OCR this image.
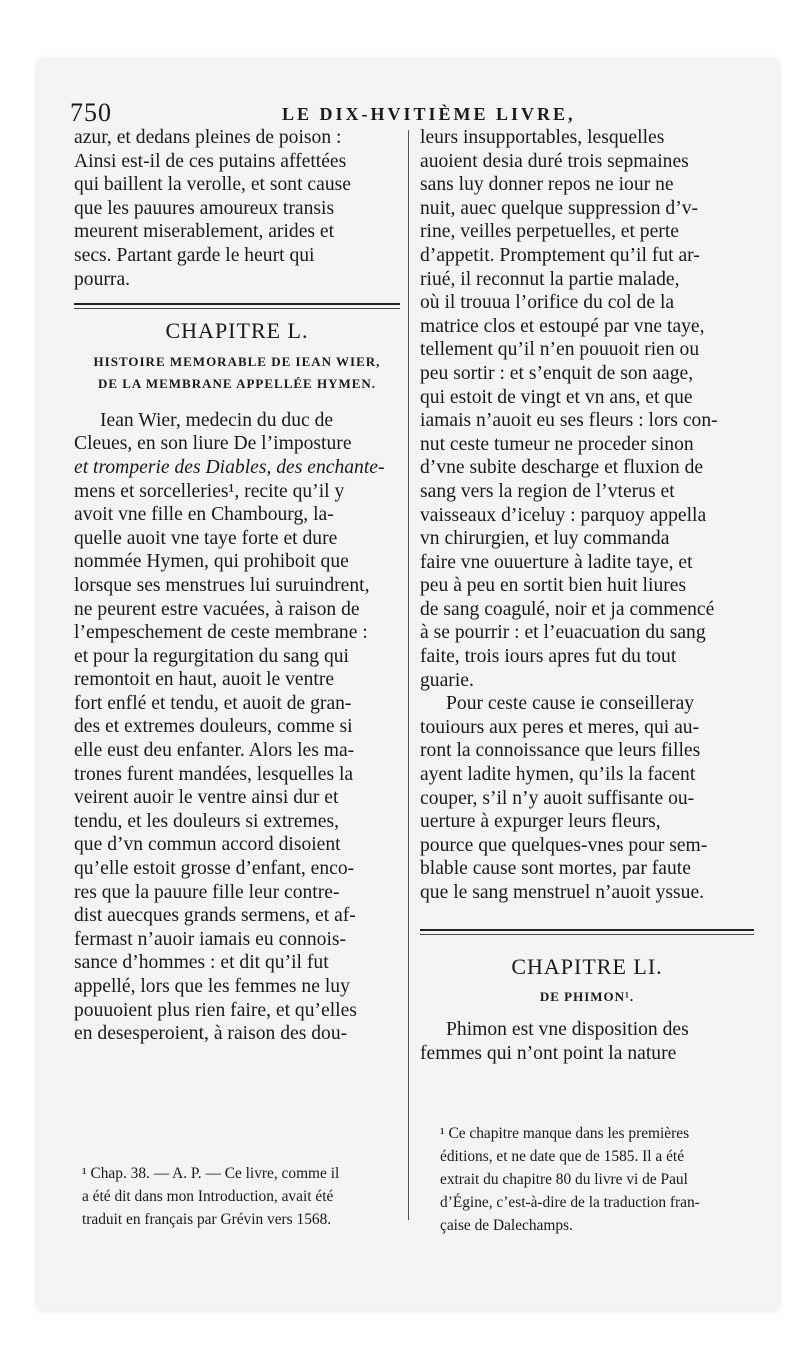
750	LE DIX-HVITIÈME LIVRE,
azur, et dedans pleines de poison :
Ainsi est-il de ces putains affettées
qui baillent la verolle, et sont cause
que les pauures amoureux transis
meurent miserablement, arides et
secs. Partant garde le heurt qui
pourra.
CHAPITRE L.
HISTOIRE MEMORABLE DE IEAN WIER,
DE LA MEMBRANE APPELLÉE HYMEN.
Iean Wier, medecin du duc de
Cleues, en son liure De l’imposture
et tromperie des Diables, des enchante-
mens et sorcelleries¹, recite qu’il y
avoit vne fille en Chambourg, la-
quelle auoit vne taye forte et dure
nommée Hymen, qui prohiboit que
lorsque ses menstrues lui suruindrent,
ne peurent estre vacuées, à raison de
l’empeschement de ceste membrane :
et pour la regurgitation du sang qui
remontoit en haut, auoit le ventre
fort enflé et tendu, et auoit de gran-
des et extremes douleurs, comme si
elle eust deu enfanter. Alors les ma-
trones furent mandées, lesquelles la
veirent auoir le ventre ainsi dur et
tendu, et les douleurs si extremes,
que d’vn commun accord disoient
qu’elle estoit grosse d’enfant, enco-
res que la pauure fille leur contre-
dist auecques grands sermens, et af-
fermast n’auoir iamais eu connois-
sance d’hommes : et dit qu’il fut
appellé, lors que les femmes ne luy
pouuoient plus rien faire, et qu’elles
en desesperoient, à raison des dou-
¹ Chap. 38. — A. P. — Ce livre, comme il
a été dit dans mon Introduction, avait été
traduit en français par Grévin vers 1568.
leurs insupportables, lesquelles
auoient desia duré trois sepmaines
sans luy donner repos ne iour ne
nuit, auec quelque suppression d’v-
rine, veilles perpetuelles, et perte
d’appetit. Promptement qu’il fut ar-
riué, il reconnut la partie malade,
où il trouua l’orifice du col de la
matrice clos et estoupé par vne taye,
tellement qu’il n’en pouuoit rien ou
peu sortir : et s’enquit de son aage,
qui estoit de vingt et vn ans, et que
iamais n’auoit eu ses fleurs : lors con-
nut ceste tumeur ne proceder sinon
d’vne subite descharge et fluxion de
sang vers la region de l’vterus et
vaisseaux d’iceluy : parquoy appella
vn chirurgien, et luy commanda
faire vne ouuerture à ladite taye, et
peu à peu en sortit bien huit liures
de sang coagulé, noir et ja commencé
à se pourrir : et l’euacuation du sang
faite, trois iours apres fut du tout
guarie.
Pour ceste cause ie conseilleray
touiours aux peres et meres, qui au-
ront la connoissance que leurs filles
ayent ladite hymen, qu’ils la facent
couper, s’il n’y auoit suffisante ou-
uerture à expurger leurs fleurs,
pource que quelques-vnes pour sem-
blable cause sont mortes, par faute
que le sang menstruel n’auoit yssue.
CHAPITRE LI.
DE PHIMON¹.
Phimon est vne disposition des
femmes qui n’ont point la nature
¹ Ce chapitre manque dans les premières
éditions, et ne date que de 1585. Il a été
extrait du chapitre 80 du livre vi de Paul
d’Égine, c’est-à-dire de la traduction fran-
çaise de Dalechamps.
